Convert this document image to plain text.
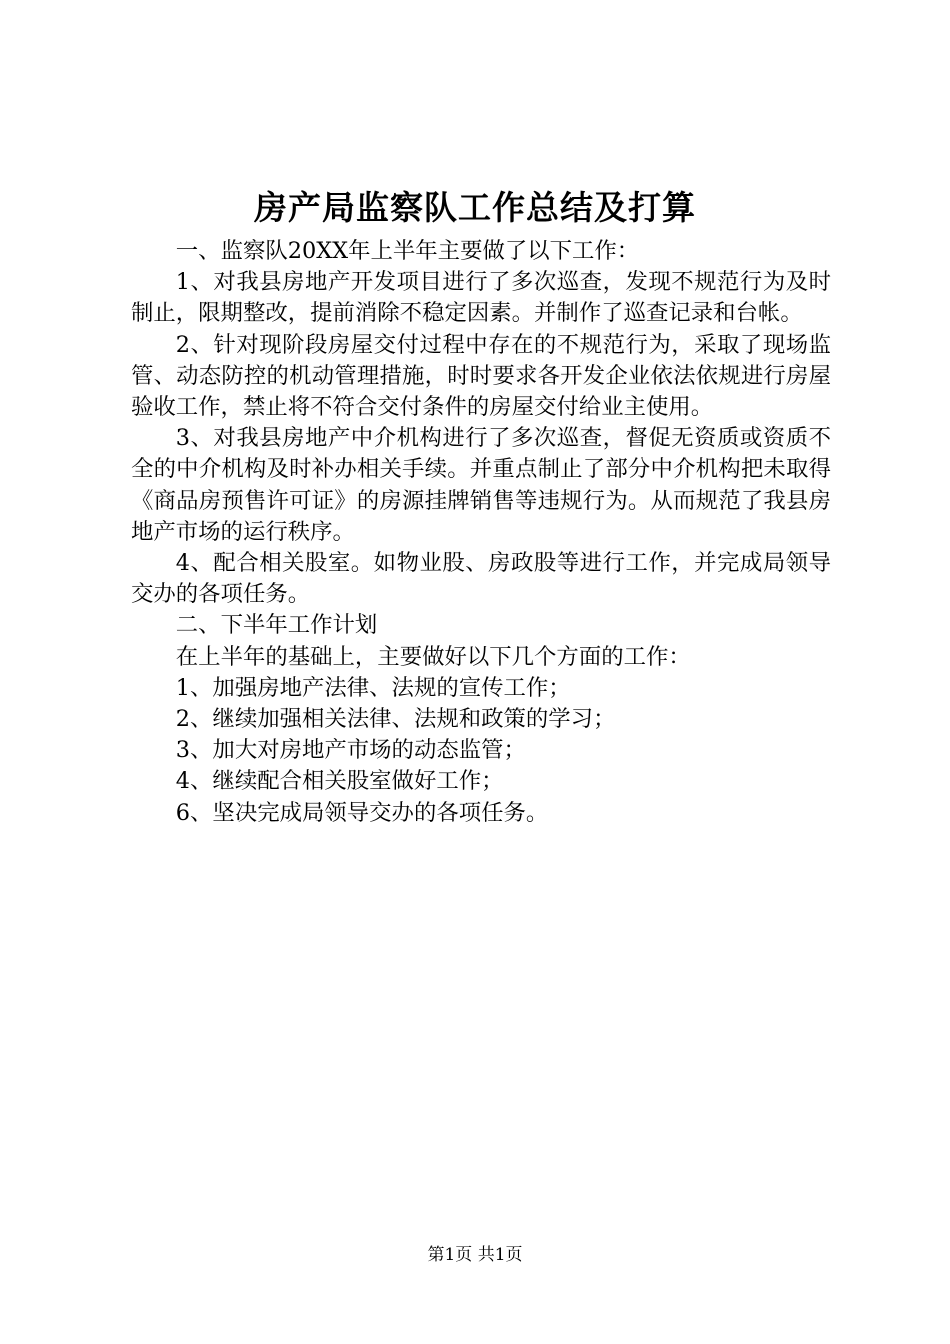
房产局监察队工作总结及打算

一、监察队20XX年上半年主要做了以下工作：

1、对我县房地产开发项目进行了多次巡查，发现不规范行为及时制止，限期整改，提前消除不稳定因素。并制作了巡查记录和台帐。

2、针对现阶段房屋交付过程中存在的不规范行为，采取了现场监管、动态防控的机动管理措施，时时要求各开发企业依法依规进行房屋验收工作，禁止将不符合交付条件的房屋交付给业主使用。

3、对我县房地产中介机构进行了多次巡查，督促无资质或资质不全的中介机构及时补办相关手续。并重点制止了部分中介机构把未取得《商品房预售许可证》的房源挂牌销售等违规行为。从而规范了我县房地产市场的运行秩序。

4、配合相关股室。如物业股、房政股等进行工作，并完成局领导交办的各项任务。

二、下半年工作计划

在上半年的基础上，主要做好以下几个方面的工作：

1、加强房地产法律、法规的宣传工作；

2、继续加强相关法律、法规和政策的学习；

3、加大对房地产市场的动态监管；

4、继续配合相关股室做好工作；

6、坚决完成局领导交办的各项任务。

第1页 共1页
